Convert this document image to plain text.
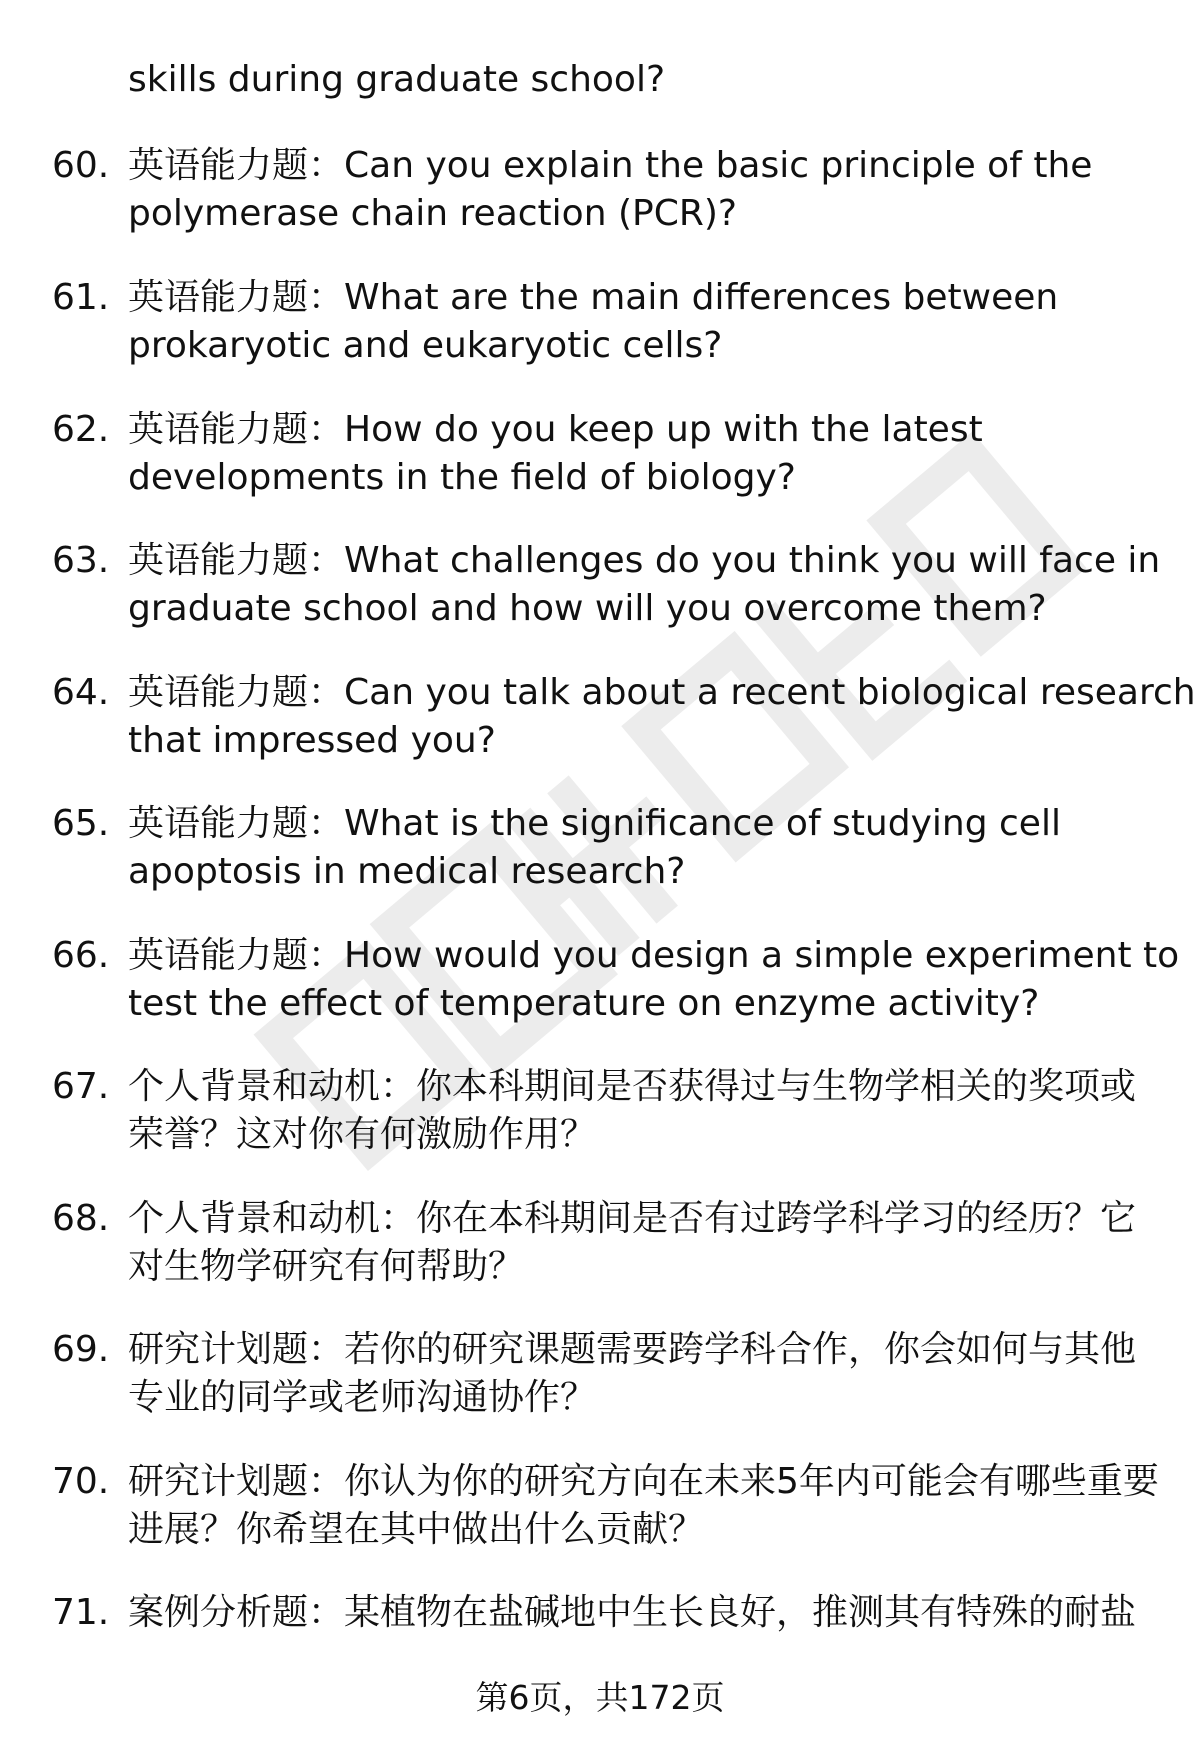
skills during graduate school?
60. 英语能力题：Can you explain the basic principle of the
polymerase chain reaction (PCR)?
61. 英语能力题：What are the main differences between
prokaryotic and eukaryotic cells?
62. 英语能力题：How do you keep up with the latest
developments in the field of biology?
63. 英语能力题：What challenges do you think you will face in
graduate school and how will you overcome them?
64. 英语能力题：Can you talk about a recent biological research
that impressed you?
65. 英语能力题：What is the significance of studying cell
apoptosis in medical research?
66. 英语能力题：How would you design a simple experiment to
test the effect of temperature on enzyme activity?
67. 个人背景和动机：你本科期间是否获得过与生物学相关的奖项或
荣誉？这对你有何激励作用？
68. 个人背景和动机：你在本科期间是否有过跨学科学习的经历？它
对生物学研究有何帮助？
69. 研究计划题：若你的研究课题需要跨学科合作，你会如何与其他
专业的同学或老师沟通协作？
70. 研究计划题：你认为你的研究方向在未来5年内可能会有哪些重要
进展？你希望在其中做出什么贡献？
71. 案例分析题：某植物在盐碱地中生长良好，推测其有特殊的耐盐
第6页，共172页
